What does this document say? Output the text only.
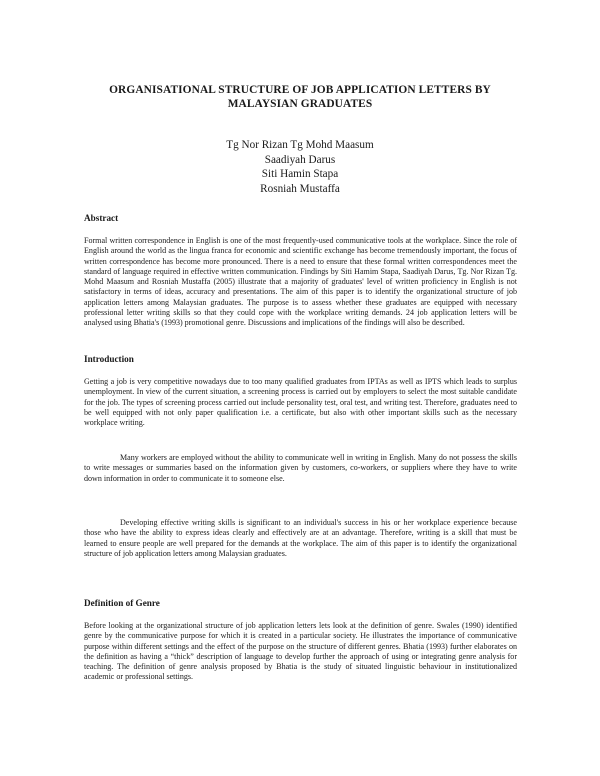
ORGANISATIONAL STRUCTURE OF JOB APPLICATION LETTERS BY MALAYSIAN GRADUATES
Tg Nor Rizan Tg Mohd Maasum
Saadiyah Darus
Siti Hamin Stapa
Rosniah Mustaffa
Abstract
Formal written correspondence in English is one of the most frequently-used communicative tools at the workplace. Since the role of English around the world as the lingua franca for economic and scientific exchange has become tremendously important, the focus of written correspondence has become more pronounced. There is a need to ensure that these formal written correspondences meet the standard of language required in effective written communication. Findings by Siti Hamim Stapa, Saadiyah Darus, Tg. Nor Rizan Tg. Mohd Maasum and Rosniah Mustaffa (2005) illustrate that a majority of graduates' level of written proficiency in English is not satisfactory in terms of ideas, accuracy and presentations. The aim of this paper is to identify the organizational structure of job application letters among Malaysian graduates. The purpose is to assess whether these graduates are equipped with necessary professional letter writing skills so that they could cope with the workplace writing demands. 24 job application letters will be analysed using Bhatia's (1993) promotional genre. Discussions and implications of the findings will also be described.
Introduction
Getting a job is very competitive nowadays due to too many qualified graduates from IPTAs as well as IPTS which leads to surplus unemployment. In view of the current situation, a screening process is carried out by employers to select the most suitable candidate for the job. The types of screening process carried out include personality test, oral test, and writing test. Therefore, graduates need to be well equipped with not only paper qualification i.e. a certificate, but also with other important skills such as the necessary workplace writing.
Many workers are employed without the ability to communicate well in writing in English. Many do not possess the skills to write messages or summaries based on the information given by customers, co-workers, or suppliers where they have to write down information in order to communicate it to someone else.
Developing effective writing skills is significant to an individual's success in his or her workplace experience because those who have the ability to express ideas clearly and effectively are at an advantage. Therefore, writing is a skill that must be learned to ensure people are well prepared for the demands at the workplace. The aim of this paper is to identify the organizational structure of job application letters among Malaysian graduates.
Definition of Genre
Before looking at the organizational structure of job application letters lets look at the definition of genre. Swales (1990) identified genre by the communicative purpose for which it is created in a particular society. He illustrates the importance of communicative purpose within different settings and the effect of the purpose on the structure of different genres. Bhatia (1993) further elaborates on the definition as having a “thick” description of language to develop further the approach of using or integrating genre analysis for teaching. The definition of genre analysis proposed by Bhatia is the study of situated linguistic behaviour in institutionalized academic or professional settings.
